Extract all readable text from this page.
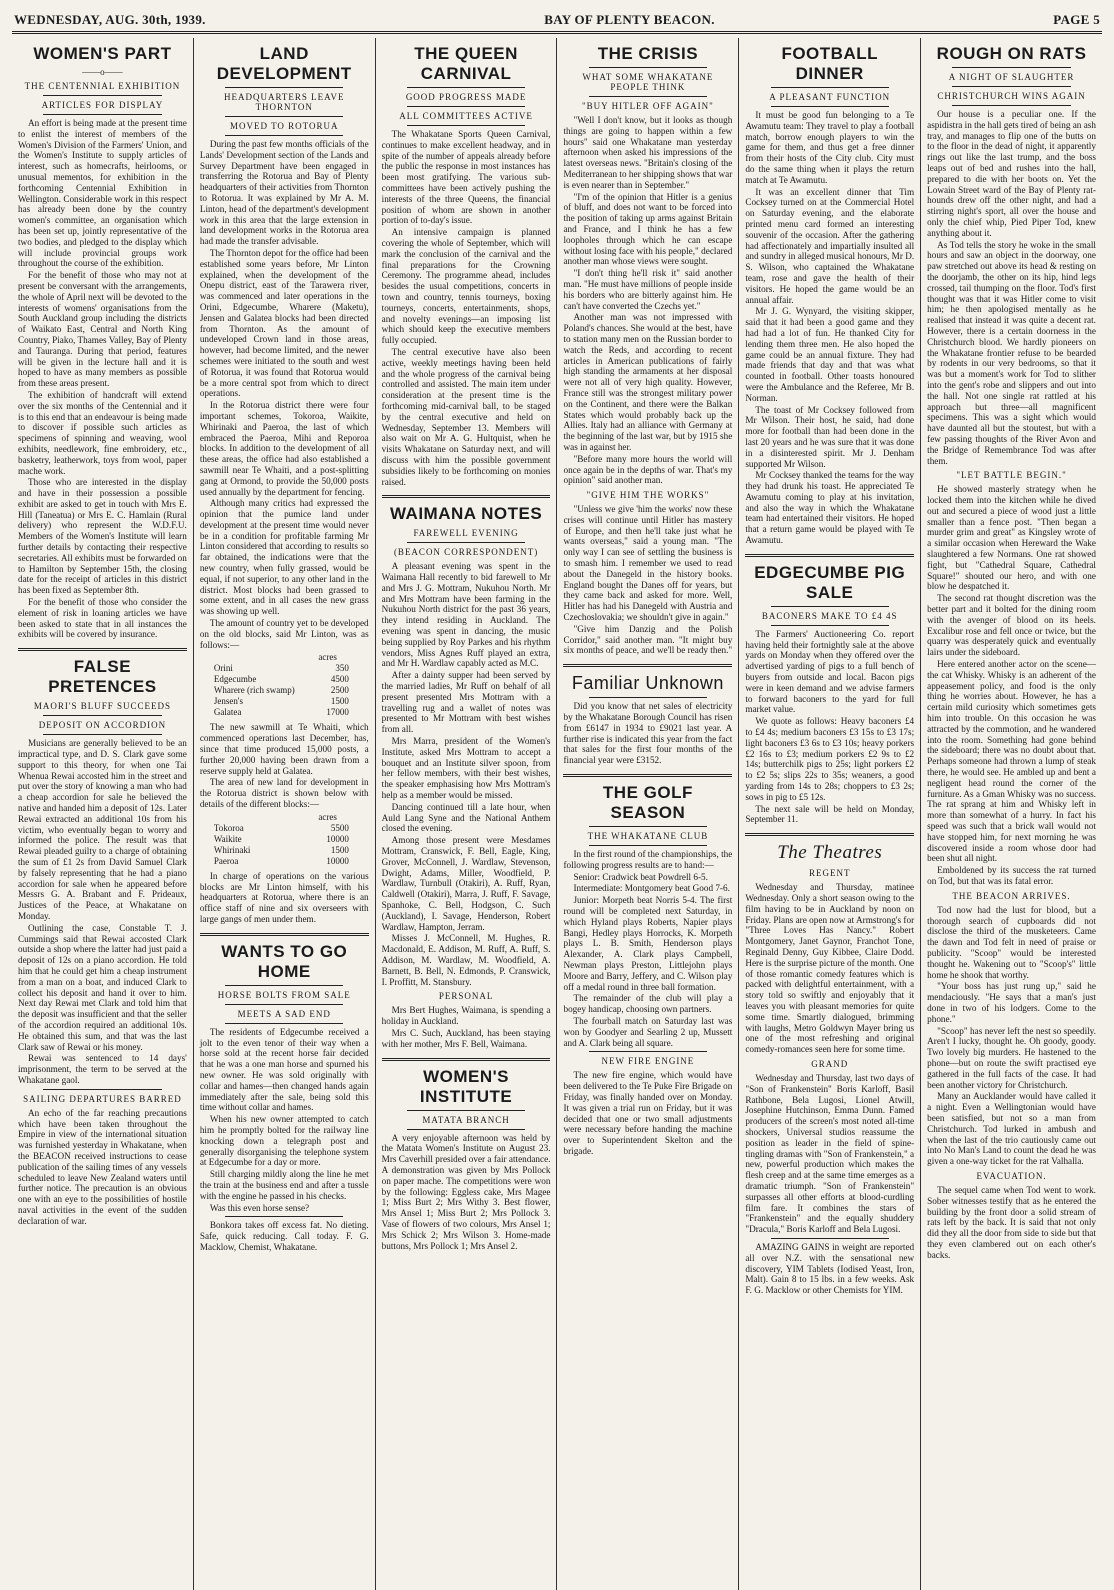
WEDNESDAY, AUG. 30th, 1939.	BAY OF PLENTY BEACON.	PAGE 5
WOMEN'S PART
——o——
THE CENTENNIAL EXHIBITION
ARTICLES FOR DISPLAY

An effort is being made at the present time to enlist the interest of members of the Women's Division of the Farmers' Union, and the Women's Institute to supply articles of interest, such as homecrafts, heirlooms, or unusual mementos, for exhibition in the forthcoming Centennial Exhibition in Wellington. Considerable work in this respect has already been done by the country women's committee, an organisation which has been set up, jointly representative of the two bodies, and pledged to the display which will include provincial groups work throughout the course of the exhibition.

For the benefit of those who may not at present be conversant with the arrangements, the whole of April next will be devoted to the interests of womens' organisations from the South Auckland group including the districts of Waikato East, Central and North King Country, Piako, Thames Valley, Bay of Plenty and Tauranga. During that period, features will be given in the lecture hall and it is hoped to have as many members as possible from these areas present.

The exhibition of handcraft will extend over the six months of the Centennial and it is to this end that an endeavour is being made to discover if possible such articles as specimens of spinning and weaving, wool exhibits, needlework, fine embroidery, etc., basketry, leatherwork, toys from wool, paper mache work.

Those who are interested in the display and have in their possession a possible exhibit are asked to get in touch with Mrs E. Hill (Taneatua) or Mrs E. C. Hamlain (Rural delivery) who represent the W.D.F.U. Members of the Women's Institute will learn further details by contacting their respective secretaries. All exhibits must be forwarded on to Hamilton by September 15th, the closing date for the receipt of articles in this district has been fixed as September 8th.

For the benefit of those who consider the element of risk in loaning articles we have been asked to state that in all instances the exhibits will be covered by insurance.

FALSE PRETENCES
MAORI'S BLUFF SUCCEEDS
DEPOSIT ON ACCORDION

Musicians are generally believed to be an impractical type, and D. S. Clark gave some support to this theory, for when one Tai Whenua Rewai accosted him in the street and put over the story of knowing a man who had a cheap accordion for sale he believed the native and handed him a deposit of 12s. Later Rewai extracted an additional 10s from his victim, who eventually began to worry and informed the police. The result was that Rewai pleaded guilty to a charge of obtaining the sum of £1 2s from David Samuel Clark by falsely representing that he had a piano accordion for sale when he appeared before Messrs G. A. Brabant and F. Prideaux, Justices of the Peace, at Whakatane on Monday.

Outlining the case, Constable T. J. Cummings said that Rewai accosted Clark outside a shop where the latter had just paid a deposit of 12s on a piano accordion. He told him that he could get him a cheap instrument from a man on a boat, and induced Clark to collect his deposit and hand it over to him. Next day Rewai met Clark and told him that the deposit was insufficient and that the seller of the accordion required an additional 10s. He obtained this sum, and that was the last Clark saw of Rewai or his money.

Rewai was sentenced to 14 days' imprisonment, the term to be served at the Whakatane gaol.

SAILING DEPARTURES BARRED

An echo of the far reaching precautions which have been taken throughout the Empire in view of the international situation was furnished yesterday in Whakatane, when the BEACON received instructions to cease publication of the sailing times of any vessels scheduled to leave New Zealand waters until further notice. The precaution is an obvious one with an eye to the possibilities of hostile naval activities in the event of the sudden declaration of war.

LAND DEVELOPMENT
HEADQUARTERS LEAVE THORNTON
MOVED TO ROTORUA

During the past few months officials of the Lands' Development section of the Lands and Survey Department have been engaged in transferring the Rotorua and Bay of Plenty headquarters of their activities from Thornton to Rotorua. It was explained by Mr A. M. Linton, head of the department's development work in this area that the large extension in land development works in the Rotorua area had made the transfer advisable.

The Thornton depot for the office had been established some years before, Mr Linton explained, when the development of the Onepu district, east of the Tarawera river, was commenced and later operations in the Orini, Edgecumbe, Wharere (Maketu), Jensen and Galatea blocks had been directed from Thornton. As the amount of undeveloped Crown land in those areas, however, had become limited, and the newer schemes were initiated to the south and west of Rotorua, it was found that Rotorua would be a more central spot from which to direct operations.

In the Rotorua district there were four important schemes, Tokoroa, Waikite, Whirinaki and Paeroa, the last of which embraced the Paeroa, Mihi and Reporoa blocks. In addition to the development of all these areas, the office had also established a sawmill near Te Whaiti, and a post-splitting gang at Ormond, to provide the 50,000 posts used annually by the department for fencing.

Although many critics had expressed the opinion that the pumice land under development at the present time would never be in a condition for profitable farming Mr Linton considered that according to results so far obtained, the indications were that the new country, when fully grassed, would be equal, if not superior, to any other land in the district. Most blocks had been grassed to some extent, and in all cases the new grass was showing up well.

The amount of country yet to be developed on the old blocks, said Mr Linton, was as follows:—

acres
Orini	350
Edgecumbe	4500
Wharere (rich swamp)	2500
Jensen's	1500
Galatea	17000

The new sawmill at Te Whaiti, which commenced operations last December, has, since that time produced 15,000 posts, a further 20,000 having been drawn from a reserve supply held at Galatea.

The area of new land for development in the Rotorua district is shown below with details of the different blocks:—

acres
Tokoroa	5500
Waikite	10000
Whirinaki	1500
Paeroa	10000

In charge of operations on the various blocks are Mr Linton himself, with his headquarters at Rotorua, where there is an office staff of nine and six overseers with large gangs of men under them.

WANTS TO GO HOME
HORSE BOLTS FROM SALE
MEETS A SAD END

The residents of Edgecumbe received a jolt to the even tenor of their way when a horse sold at the recent horse fair decided that he was a one man horse and spurned his new owner. He was sold originally with collar and hames—then changed hands again immediately after the sale, being sold this time without collar and hames.

When his new owner attempted to catch him he promptly bolted for the railway line knocking down a telegraph post and generally disorganising the telephone system at Edgecumbe for a day or more.

Still charging mildly along the line he met the train at the business end and after a tussle with the engine he passed in his checks.

Was this even horse sense?

Bonkora takes off excess fat. No dieting. Safe, quick reducing. Call today. F. G. Macklow, Chemist, Whakatane.

THE QUEEN CARNIVAL
GOOD PROGRESS MADE
ALL COMMITTEES ACTIVE

The Whakatane Sports Queen Carnival, continues to make excellent headway, and in spite of the number of appeals already before the public the response in most instances has been most gratifying. The various sub-committees have been actively pushing the interests of the three Queens, the financial position of whom are shown in another portion of to-day's issue.

An intensive campaign is planned covering the whole of September, which will mark the conclusion of the carnival and the final preparations for the Crowning Ceremony. The programme ahead, includes besides the usual competitions, concerts in town and country, tennis tourneys, boxing tourneys, concerts, entertainments, shops, and novelty evenings—an imposing list which should keep the executive members fully occupied.

The central executive have also been active, weekly meetings having been held and the whole progress of the carnival being controlled and assisted. The main item under consideration at the present time is the forthcoming mid-carnival ball, to be staged by the central executive and held on Wednesday, September 13. Members will also wait on Mr A. G. Hultquist, when he visits Whakatane on Saturday next, and will discuss with him the possible government subsidies likely to be forthcoming on monies raised.

WAIMANA NOTES
FAREWELL EVENING
(BEACON CORRESPONDENT)

A pleasant evening was spent in the Waimana Hall recently to bid farewell to Mr and Mrs J. G. Mottram, Nukuhou North. Mr and Mrs Mottram have been farming in the Nukuhou North district for the past 36 years, they intend residing in Auckland. The evening was spent in dancing, the music being supplied by Roy Parkes and his rhythm vendors, Miss Agnes Ruff played an extra, and Mr H. Wardlaw capably acted as M.C.

After a dainty supper had been served by the married ladies, Mr Ruff on behalf of all present presented Mrs Mottram with a travelling rug and a wallet of notes was presented to Mr Mottram with best wishes from all.

Mrs Marra, president of the Women's Institute, asked Mrs Mottram to accept a bouquet and an Institute silver spoon, from her fellow members, with their best wishes, the speaker emphasising how Mrs Mottram's help as a member would be missed.

Dancing continued till a late hour, when Auld Lang Syne and the National Anthem closed the evening.

Among those present were Mesdames Mottram, Cranswick, F. Bell, Eagle, King, Grover, McConnell, J. Wardlaw, Stevenson, Dwight, Adams, Miller, Woodfield, P. Wardlaw, Turnbull (Otakiri), A. Ruff, Ryan, Caldwell (Otakiri), Marra, J. Ruff, F. Savage, Spanhoke, C. Bell, Hodgson, C. Such (Auckland), I. Savage, Henderson, Robert Wardlaw, Hampton, Jerram.

Misses J. McConnell, M. Hughes, R. Macdonald, E. Addison, M. Ruff, A. Ruff, S. Addison, M. Wardlaw, M. Woodfield, A. Barnett, B. Bell, N. Edmonds, P. Cranswick, I. Proffitt, M. Stansbury.

PERSONAL

Mrs Bert Hughes, Waimana, is spending a holiday in Auckland.

Mrs C. Such, Auckland, has been staying with her mother, Mrs F. Bell, Waimana.

WOMEN'S INSTITUTE
MATATA BRANCH

A very enjoyable afternoon was held by the Matata Women's Institute on August 23. Mrs Caverhill presided over a fair attendance. A demonstration was given by Mrs Pollock on paper mache. The competitions were won by the following: Eggless cake, Mrs Magee 1; Miss Burt 2; Mrs Withy 3. Best flower, Mrs Ansel 1; Miss Burt 2; Mrs Pollock 3. Vase of flowers of two colours, Mrs Ansel 1; Mrs Schick 2; Mrs Wilson 3. Home-made buttons, Mrs Pollock 1; Mrs Ansel 2.

THE CRISIS
WHAT SOME WHAKATANE PEOPLE THINK
"BUY HITLER OFF AGAIN"

"Well I don't know, but it looks as though things are going to happen within a few hours" said one Whakatane man yesterday afternoon when asked his impressions of the latest overseas news. "Britain's closing of the Mediterranean to her shipping shows that war is even nearer than in September."

"I'm of the opinion that Hitler is a genius of bluff, and does not want to be forced into the position of taking up arms against Britain and France, and I think he has a few loopholes through which he can escape without losing face with his people," declared another man whose views were sought.

"I don't thing he'll risk it" said another man. "He must have millions of people inside his borders who are bitterly against him. He can't have converted the Czechs yet."

Another man was not impressed with Poland's chances. She would at the best, have to station many men on the Russian border to watch the Reds, and according to recent articles in American publications of fairly high standing the armaments at her disposal were not all of very high quality. However, France still was the strongest military power on the Continent, and there were the Balkan States which would probably back up the Allies. Italy had an alliance with Germany at the beginning of the last war, but by 1915 she was in against her.

"Before many more hours the world will once again be in the depths of war. That's my opinion" said another man.

"GIVE HIM THE WORKS"

"Unless we give 'him the works' now these crises will continue until Hitler has mastery of Europe, and then he'll take just what he wants overseas," said a young man. "The only way I can see of settling the business is to smash him. I remember we used to read about the Danegeld in the history books. England bought the Danes off for years, but they came back and asked for more. Well, Hitler has had his Danegeld with Austria and Czechoslovakia; we shouldn't give in again."

"Give him Danzig and the Polish Corridor," said another man. "It might buy six months of peace, and we'll be ready then."

Familiar Unknown

Did you know that net sales of electricity by the Whakatane Borough Council has risen from £6147 in 1934 to £9021 last year. A further rise is indicated this year from the fact that sales for the first four months of the financial year were £3152.

THE GOLF SEASON
THE WHAKATANE CLUB

In the first round of the championships, the following progress results are to hand:—

Senior: Cradwick beat Powdrell 6-5.

Intermediate: Montgomery beat Good 7-6.

Junior: Morpeth beat Norris 5-4. The first round will be completed next Saturday, in which Hyland plays Roberts, Napier plays Bangi, Hedley plays Horrocks, K. Morpeth plays L. B. Smith, Henderson plays Alexander, A. Clark plays Campbell, Newman plays Preston, Littlejohn plays Moore and Barry, Jeffery, and C. Wilson play off a medal round in three ball formation.

The remainder of the club will play a bogey handicap, choosing own partners.

The fourball match on Saturday last was won by Goodyer and Searling 2 up, Mussett and A. Clark being all square.

NEW FIRE ENGINE

The new fire engine, which would have been delivered to the Te Puke Fire Brigade on Friday, was finally handed over on Monday. It was given a trial run on Friday, but it was decided that one or two small adjustments were necessary before handing the machine over to Superintendent Skelton and the brigade.

FOOTBALL DINNER
A PLEASANT FUNCTION

It must be good fun belonging to a Te Awamutu team: They travel to play a football match, borrow enough players to win the game for them, and thus get a free dinner from their hosts of the City club. City must do the same thing when it plays the return match at Te Awamutu.

It was an excellent dinner that Tim Cocksey turned on at the Commercial Hotel on Saturday evening, and the elaborate printed menu card formed an interesting souvenir of the occasion. After the gathering had affectionately and impartially insulted all and sundry in alleged musical honours, Mr D. S. Wilson, who captained the Whakatane team, rose and gave the health of their visitors. He hoped the game would be an annual affair.

Mr J. G. Wynyard, the visiting skipper, said that it had been a good game and they had had a lot of fun. He thanked City for lending them three men. He also hoped the game could be an annual fixture. They had made friends that day and that was what counted in football. Other toasts honoured were the Ambulance and the Referee, Mr B. Norman.

The toast of Mr Cocksey followed from Mr Wilson. Their host, he said, had done more for football than had been done in the last 20 years and he was sure that it was done in a disinterested spirit. Mr J. Denham supported Mr Wilson.

Mr Cocksey thanked the teams for the way they had drunk his toast. He appreciated Te Awamutu coming to play at his invitation, and also the way in which the Whakatane team had entertained their visitors. He hoped that a return game would be played with Te Awamutu.

EDGECUMBE PIG SALE
BACONERS MAKE TO £4 4S

The Farmers' Auctioneering Co. report having held their fortnightly sale at the above yards on Monday when they offered over the advertised yarding of pigs to a full bench of buyers from outside and local. Bacon pigs were in keen demand and we advise farmers to forward baconers to the yard for full market value.

We quote as follows: Heavy baconers £4 to £4 4s; medium baconers £3 15s to £3 17s; light baconers £3 6s to £3 10s; heavy porkers £2 16s to £3; medium porkers £2 9s to £2 14s; butterchilk pigs to 25s; light porkers £2 to £2 5s; slips 22s to 35s; weaners, a good yarding from 14s to 28s; choppers to £3 2s; sows in pig to £5 12s.

The next sale will be held on Monday, September 11.

The Theatres
REGENT

Wednesday and Thursday, matinee Wednesday. Only a short season owing to the film having to be in Auckland by noon on Friday. Plans are open now at Armstrong's for "Three Loves Has Nancy." Robert Montgomery, Janet Gaynor, Franchot Tone, Reginald Denny, Guy Kibbee, Claire Dodd. Here is the surprise picture of the month. One of those romantic comedy features which is packed with delightful entertainment, with a story told so swiftly and enjoyably that it leaves you with pleasant memories for quite some time. Smartly dialogued, brimming with laughs, Metro Goldwyn Mayer bring us one of the most refreshing and original comedy-romances seen here for some time.

GRAND

Wednesday and Thursday, last two days of "Son of Frankenstein" Boris Karloff, Basil Rathbone, Bela Lugosi, Lionel Atwill, Josephine Hutchinson, Emma Dunn. Famed producers of the screen's most noted all-time shockers, Universal studios reassume the position as leader in the field of spine-tingling dramas with "Son of Frankenstein," a new, powerful production which makes the flesh creep and at the same time emerges as a dramatic triumph. "Son of Frankenstein" surpasses all other efforts at blood-curdling film fare. It combines the stars of "Frankenstein" and the equally shuddery "Dracula," Boris Karloff and Bela Lugosi.

AMAZING GAINS in weight are reported all over N.Z. with the sensational new discovery, YIM Tablets (Iodised Yeast, Iron, Malt). Gain 8 to 15 lbs. in a few weeks. Ask F. G. Macklow or other Chemists for YIM.

ROUGH ON RATS
A NIGHT OF SLAUGHTER
CHRISTCHURCH WINS AGAIN

Our house is a peculiar one. If the aspidistra in the hall gets tired of being an ash tray, and manages to flip one of the butts on to the floor in the dead of night, it apparently rings out like the last trump, and the boss leaps out of bed and rushes into the hall, prepared to die with her boots on. Yet the Lowain Street ward of the Bay of Plenty rat-hounds drew off the other night, and had a stirring night's sport, all over the house and only the chief whip, Pied Piper Tod, knew anything about it.

As Tod tells the story he woke in the small hours and saw an object in the doorway, one paw stretched out above its head & resting on the doorjamb, the other on its hip, hind legs crossed, tail thumping on the floor. Tod's first thought was that it was Hitler come to visit him; he then apologised mentally as he realised that instead it was quite a decent rat. However, there is a certain doorness in the Christchurch blood. We hardly pioneers on the Whakatane frontier refuse to be bearded by rodents in our very bedrooms, so that it was but a moment's work for Tod to slither into the gent's robe and slippers and out into the hall. Not one single rat rattled at his approach but three—all magnificent specimens. This was a sight which would have daunted all but the stoutest, but with a few passing thoughts of the River Avon and the Bridge of Remembrance Tod was after them.

"LET BATTLE BEGIN."

He showed masterly strategy when he locked them into the kitchen while he dived out and secured a piece of wood just a little smaller than a fence post. "Then began a murder grim and great" as Kingsley wrote of a similar occasion when Hereward the Wake slaughtered a few Normans. One rat showed fight, but "Cathedral Square, Cathedral Square!" shouted our hero, and with one blow he despatched it.

The second rat thought discretion was the better part and it bolted for the dining room with the avenger of blood on its heels. Excalibur rose and fell once or twice, but the quarry was desperately quick and eventually lairs under the sideboard.

Here entered another actor on the scene—the cat Whisky. Whisky is an adherent of the appeasement policy, and food is the only thing he worries about. However, he has a certain mild curiosity which sometimes gets him into trouble. On this occasion he was attracted by the commotion, and he wandered into the room. Something had gone behind the sideboard; there was no doubt about that. Perhaps someone had thrown a lump of steak there, he would see. He ambled up and bent a negligent head round the corner of the furniture. As a Gman Whisky was no success. The rat sprang at him and Whisky left in more than somewhat of a hurry. In fact his speed was such that a brick wall would not have stopped him, for next morning he was discovered inside a room whose door had been shut all night.

Emboldened by its success the rat turned on Tod, but that was its fatal error.

THE BEACON ARRIVES.

Tod now had the lust for blood, but a thorough search of cupboards did not disclose the third of the musketeers. Came the dawn and Tod felt in need of praise or publicity. "Scoop" would be interested thought he. Wakening out to "Scoop's" little home he shook that worthy.

"Your boss has just rung up," said he mendaciously. "He says that a man's just done in two of his lodgers. Come to the phone."

"Scoop" has never left the nest so speedily. Aren't I lucky, thought he. Oh goody, goody. Two lovely big murders. He hastened to the phone—but on route the swift practised eye gathered in the full facts of the case. It had been another victory for Christchurch.

Many an Aucklander would have called it a night. Even a Wellingtonian would have been satisfied, but not so a man from Christchurch. Tod lurked in ambush and when the last of the trio cautiously came out into No Man's Land to count the dead he was given a one-way ticket for the rat Valhalla.

EVACUATION.

The sequel came when Tod went to work. Sober witnesses testify that as he entered the building by the front door a solid stream of rats left by the back. It is said that not only did they all the door from side to side but that they even clambered out on each other's backs.
